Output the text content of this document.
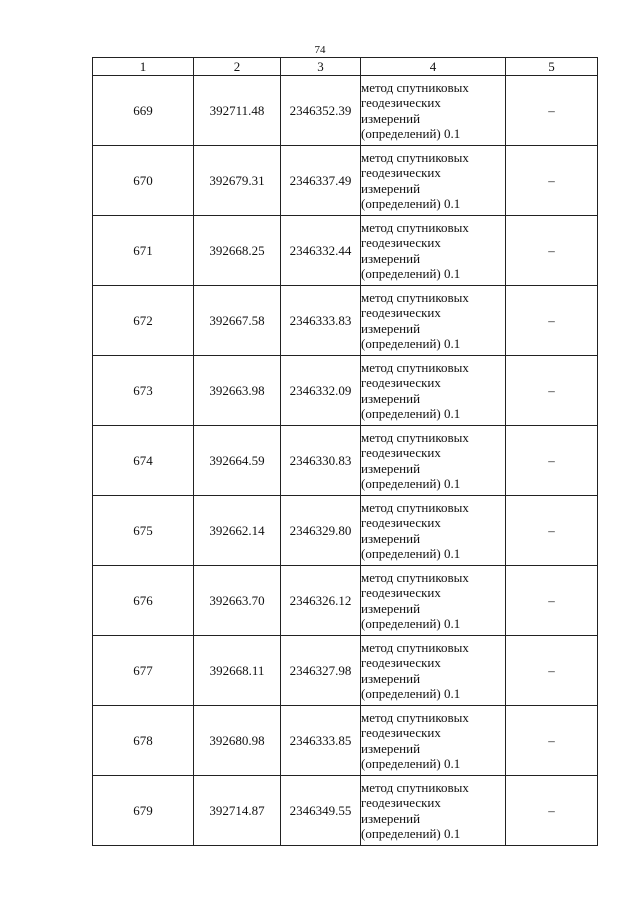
74
1	2	3	4	5
669	392711.48	2346352.39	метод спутниковых
геодезических
измерений
(определений) 0.1	–
670	392679.31	2346337.49	метод спутниковых
геодезических
измерений
(определений) 0.1	–
671	392668.25	2346332.44	метод спутниковых
геодезических
измерений
(определений) 0.1	–
672	392667.58	2346333.83	метод спутниковых
геодезических
измерений
(определений) 0.1	–
673	392663.98	2346332.09	метод спутниковых
геодезических
измерений
(определений) 0.1	–
674	392664.59	2346330.83	метод спутниковых
геодезических
измерений
(определений) 0.1	–
675	392662.14	2346329.80	метод спутниковых
геодезических
измерений
(определений) 0.1	–
676	392663.70	2346326.12	метод спутниковых
геодезических
измерений
(определений) 0.1	–
677	392668.11	2346327.98	метод спутниковых
геодезических
измерений
(определений) 0.1	–
678	392680.98	2346333.85	метод спутниковых
геодезических
измерений
(определений) 0.1	–
679	392714.87	2346349.55	метод спутниковых
геодезических
измерений
(определений) 0.1	–
